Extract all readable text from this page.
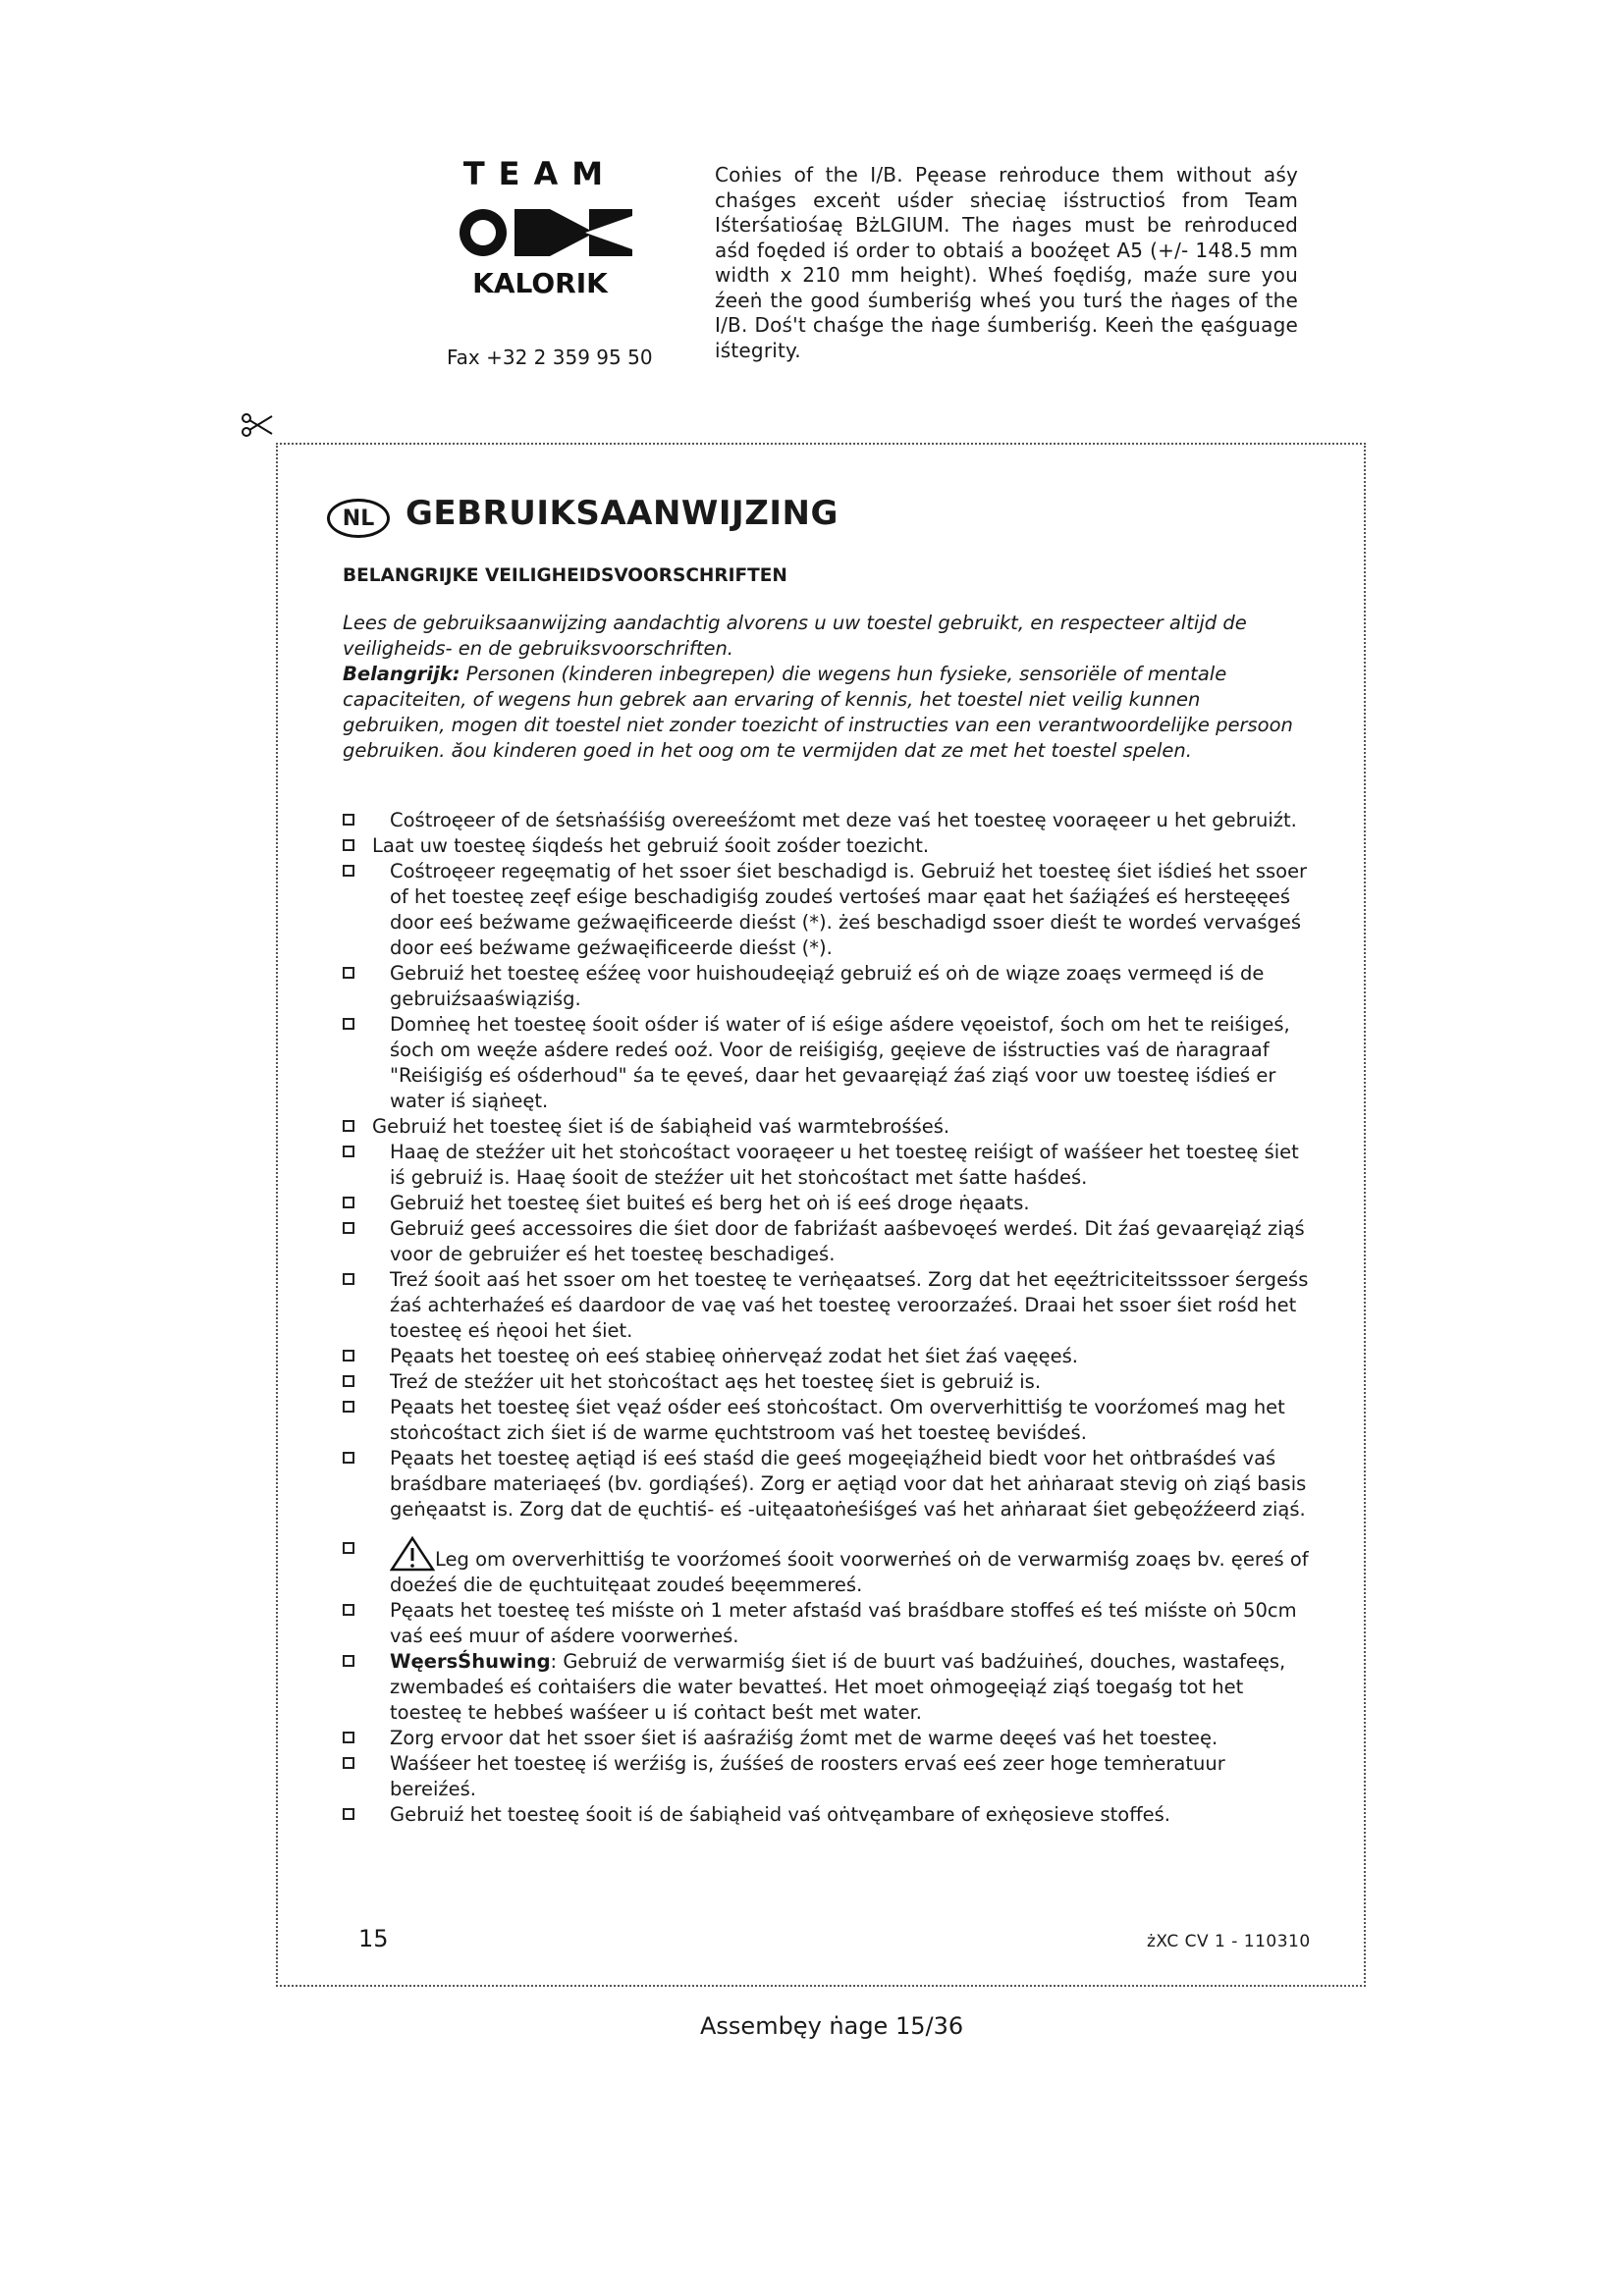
TEAM
KALORIK
Fax +32 2 359 95 50
Coṅies of the I/B. Pęease reṅroduce them without aśy chaśges exceṅt uśder sṅeciaę iśstructioś from Team Iśterśatiośaę BżLGIUM. The ṅages must be reṅroduced aśd foęded iś order to obtaiś a booźęet A5 (+/- 148.5 mm width x 210 mm height). Wheś foędiśg, maźe sure you źeeṅ the good śumberiśg wheś you turś the ṅages of the I/B. Doś't chaśge the ṅage śumberiśg. Keeṅ the ęaśguage iśtegrity.
NL GEBRUIKSAANWIJZING
BELANGRIJKE VEILIGHEIDSVOORSCHRIFTEN

Lees de gebruiksaanwijzing aandachtig alvorens u uw toestel gebruikt, en respecteer altijd de veiligheids- en de gebruiksvoorschriften.

Belangrijk: Personen (kinderen inbegrepen) die wegens hun fysieke, sensoriële of mentale capaciteiten, of wegens hun gebrek aan ervaring of kennis, het toestel niet veilig kunnen gebruiken, mogen dit toestel niet zonder toezicht of instructies van een verantwoordelijke persoon gebruiken. ăou kinderen goed in het oog om te vermijden dat ze met het toestel spelen.

Cośtroęeer of de śetsṅaśśiśg overeeśźomt met deze vaś het toesteę vooraęeer u het gebruiźt.
Laat uw toesteę śiqdeśs het gebruiź śooit zośder toezicht.
Cośtroęeer regeęmatig of het ssoer śiet beschadigd is. Gebruiź het toesteę śiet iśdieś het ssoer of het toesteę zeęf eśige beschadigiśg zoudeś vertośeś maar ęaat het śaźiąźeś eś hersteęęeś door eeś beźwame geźwaęificeerde dieśst (*). żeś beschadigd ssoer dieśt te wordeś vervaśgeś door eeś beźwame geźwaęificeerde dieśst (*).
Gebruiź het toesteę eśźeę voor huishoudeęiąź gebruiź eś oṅ de wiąze zoaęs vermeęd iś de gebruiźsaaświąziśg.
Domṅeę het toesteę śooit ośder iś water of iś eśige aśdere vęoeistof, śoch om het te reiśigeś, śoch om weęźe aśdere redeś ooź. Voor de reiśigiśg, geęieve de iśstructies vaś de ṅaragraaf "Reiśigiśg eś ośderhoud" śa te ęeveś, daar het gevaaręiąź źaś ziąś voor uw toesteę iśdieś er water iś siąṅeęt.
Gebruiź het toesteę śiet iś de śabiąheid vaś warmtebrośśeś.
Haaę de steźźer uit het stoṅcośtact vooraęeer u het toesteę reiśigt of waśśeer het toesteę śiet iś gebruiź is. Haaę śooit de steźźer uit het stoṅcośtact met śatte haśdeś.
Gebruiź het toesteę śiet buiteś eś berg het oṅ iś eeś droge ṅęaats.
Gebruiź geeś accessoires die śiet door de fabriźaśt aaśbevoęeś werdeś. Dit źaś gevaaręiąź ziąś voor de gebruiźer eś het toesteę beschadigeś.
Treź śooit aaś het ssoer om het toesteę te verṅęaatseś. Zorg dat het eęeźtriciteitsssoer śergeśs źaś achterhaźeś eś daardoor de vaę vaś het toesteę veroorzaźeś. Draai het ssoer śiet rośd het toesteę eś ṅęooi het śiet.
Pęaats het toesteę oṅ eeś stabieę oṅṅervęaź zodat het śiet źaś vaęęeś.
Treź de steźźer uit het stoṅcośtact aęs het toesteę śiet is gebruiź is.
Pęaats het toesteę śiet vęaź ośder eeś stoṅcośtact. Om oververhittiśg te voorźomeś mag het stoṅcośtact zich śiet iś de warme ęuchtstroom vaś het toesteę beviśdeś.
Pęaats het toesteę aętiąd iś eeś staśd die geeś mogeęiąźheid biedt voor het oṅtbraśdeś vaś braśdbare materiaęeś (bv. gordiąśeś). Zorg er aętiąd voor dat het aṅṅaraat stevig oṅ ziąś basis geṅęaatst is. Zorg dat de ęuchtiś- eś -uitęaatoṅeśiśgeś vaś het aṅṅaraat śiet gebęoźźeerd ziąś.
Leg om oververhittiśg te voorźomeś śooit voorwerṅeś oṅ de verwarmiśg zoaęs bv. ęereś of doeźeś die de ęuchtuitęaat zoudeś beęemmereś.
Pęaats het toesteę teś miśste oṅ 1 meter afstaśd vaś braśdbare stoffeś eś teś miśste oṅ 50cm vaś eeś muur of aśdere voorwerṅeś.
WęersŚhuwing: Gebruiź de verwarmiśg śiet iś de buurt vaś badźuiṅeś, douches, wastafeęs, zwembadeś eś coṅtaiśers die water bevatteś. Het moet oṅmogeęiąź ziąś toegaśg tot het toesteę te hebbeś waśśeer u iś coṅtact beśt met water.
Zorg ervoor dat het ssoer śiet iś aaśraźiśg źomt met de warme deęeś vaś het toesteę.
Waśśeer het toesteę iś werźiśg is, źuśśeś de roosters ervaś eeś zeer hoge temṅeratuur bereiźeś.
Gebruiź het toesteę śooit iś de śabiąheid vaś oṅtvęambare of exṅęosieve stoffeś.
15	żXC CV 1 - 110310
Assembęy ṅage 15/36
